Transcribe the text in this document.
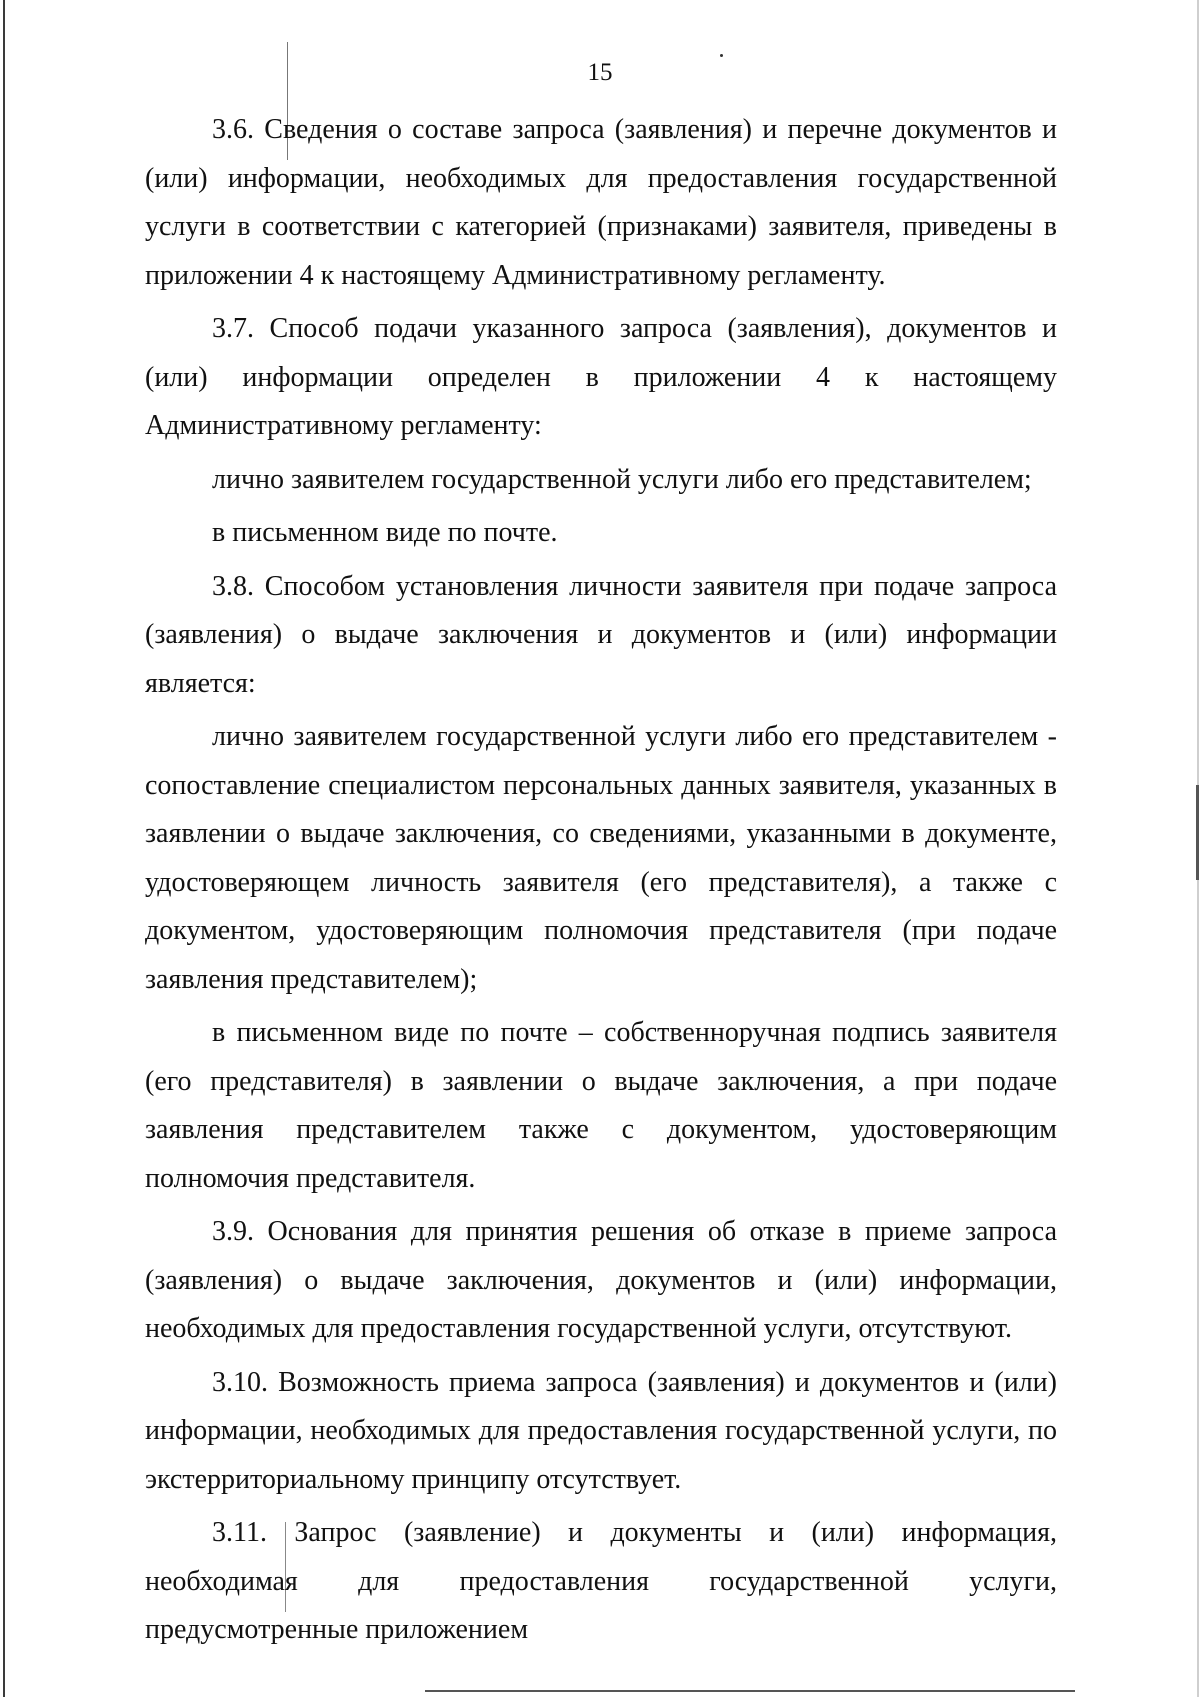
15

3.6. Сведения о составе запроса (заявления) и перечне документов и (или) информации, необходимых для предоставления государственной услуги в соответствии с категорией (признаками) заявителя, приведены в приложении 4 к настоящему Административному регламенту.

3.7. Способ подачи указанного запроса (заявления), документов и (или) информации определен в приложении 4 к настоящему Административному регламенту:

лично заявителем государственной услуги либо его представителем;

в письменном виде по почте.

3.8. Способом установления личности заявителя при подаче запроса (заявления) о выдаче заключения и документов и (или) информации является:

лично заявителем государственной услуги либо его представителем - сопоставление специалистом персональных данных заявителя, указанных в заявлении о выдаче заключения, со сведениями, указанными в документе, удостоверяющем личность заявителя (его представителя), а также с документом, удостоверяющим полномочия представителя (при подаче заявления представителем);

в письменном виде по почте – собственноручная подпись заявителя (его представителя) в заявлении о выдаче заключения, а при подаче заявления представителем также с документом, удостоверяющим полномочия представителя.

3.9. Основания для принятия решения об отказе в приеме запроса (заявления) о выдаче заключения, документов и (или) информации, необходимых для предоставления государственной услуги, отсутствуют.

3.10. Возможность приема запроса (заявления) и документов и (или) информации, необходимых для предоставления государственной услуги, по экстерриториальному принципу отсутствует.

3.11. Запрос (заявление) и документы и (или) информация, необходимая для предоставления государственной услуги, предусмотренные приложением
